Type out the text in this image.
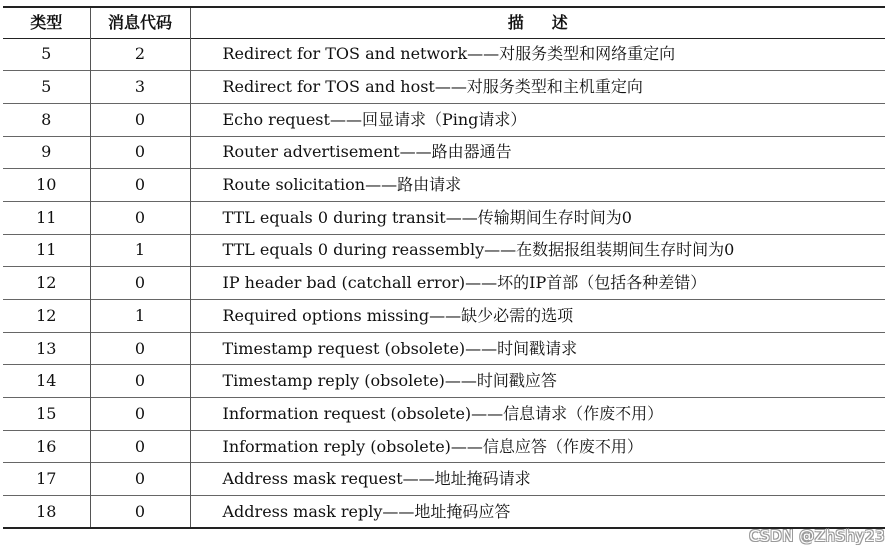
类型	消息代码	描述
5	2	Redirect for TOS and network——对服务类型和网络重定向
5	3	Redirect for TOS and host——对服务类型和主机重定向
8	0	Echo request——回显请求（Ping请求）
9	0	Router advertisement——路由器通告
10	0	Route solicitation——路由请求
11	0	TTL equals 0 during transit——传输期间生存时间为0
11	1	TTL equals 0 during reassembly——在数据报组装期间生存时间为0
12	0	IP header bad (catchall error)——坏的IP首部（包括各种差错）
12	1	Required options missing——缺少必需的选项
13	0	Timestamp request (obsolete)——时间戳请求
14	0	Timestamp reply (obsolete)——时间戳应答
15	0	Information request (obsolete)——信息请求（作废不用）
16	0	Information reply (obsolete)——信息应答（作废不用）
17	0	Address mask request——地址掩码请求
18	0	Address mask reply——地址掩码应答
CSDN @ZhShy23
